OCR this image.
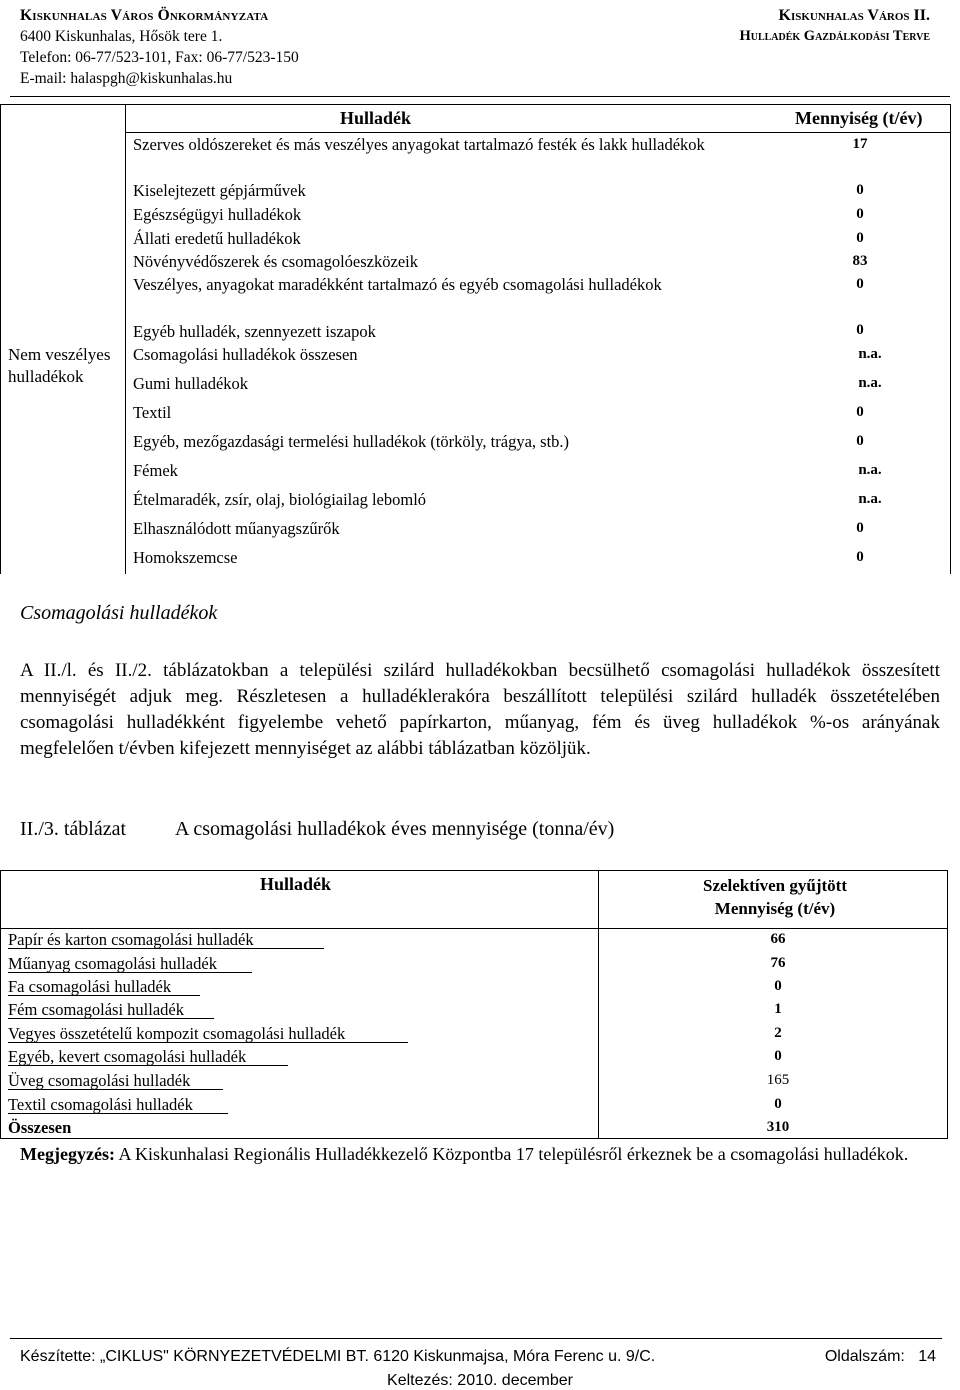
Kiskunhalas Város Önkormányzata
6400 Kiskunhalas, Hősök tere 1.
Telefon: 06-77/523-101, Fax: 06-77/523-150
E-mail: halaspgh@kiskunhalas.hu
Kiskunhalas Város II.
Hulladék Gazdálkodási Terve
Hulladék	Mennyiség (t/év)
Nem veszélyes hulladékok
Szerves oldószereket és más veszélyes anyagokat tartalmazó festék és lakk hulladékok	17
Kiselejtezett gépjárművek	0
Egészségügyi hulladékok	0
Állati eredetű hulladékok	0
Növényvédőszerek és csomagolóeszközeik	83
Veszélyes, anyagokat maradékként tartalmazó és egyéb csomagolási hulladékok	0
Egyéb hulladék, szennyezett iszapok	0
Csomagolási hulladékok összesen	n.a.
Gumi hulladékok	n.a.
Textil	0
Egyéb, mezőgazdasági termelési hulladékok (törköly, trágya, stb.)	0
Fémek	n.a.
Ételmaradék, zsír, olaj, biológiailag lebomló	n.a.
Elhasználódott műanyagszűrők	0
Homokszemcse	0
Csomagolási hulladékok
A II./l. és II./2. táblázatokban a települési szilárd hulladékokban becsülhető csomagolási hulladékok összesített mennyiségét adjuk meg. Részletesen a hulladéklerakóra beszállított települési szilárd hulladék összetételében csomagolási hulladékként figyelembe vehető papírkarton, műanyag, fém és üveg hulladékok %-os arányának megfelelően t/évben kifejezett mennyiséget az alábbi táblázatban közöljük.
II./3. táblázat A csomagolási hulladékok éves mennyisége (tonna/év)
Hulladék	Szelektíven gyűjtött
Mennyiség (t/év)
Papír és karton csomagolási hulladék	66
Műanyag csomagolási hulladék	76
Fa csomagolási hulladék	0
Fém csomagolási hulladék	1
Vegyes összetételű kompozit csomagolási hulladék	2
Egyéb, kevert csomagolási hulladék	0
Üveg csomagolási hulladék	165
Textil csomagolási hulladék	0
Összesen	310
Megjegyzés: A Kiskunhalasi Regionális Hulladékkezelő Központba 17 településről érkeznek be a csomagolási hulladékok.
Készítette: „CIKLUS" KÖRNYEZETVÉDELMI BT. 6120 Kiskunmajsa, Móra Ferenc u. 9/C.	Oldalszám: 14
Keltezés: 2010. december
